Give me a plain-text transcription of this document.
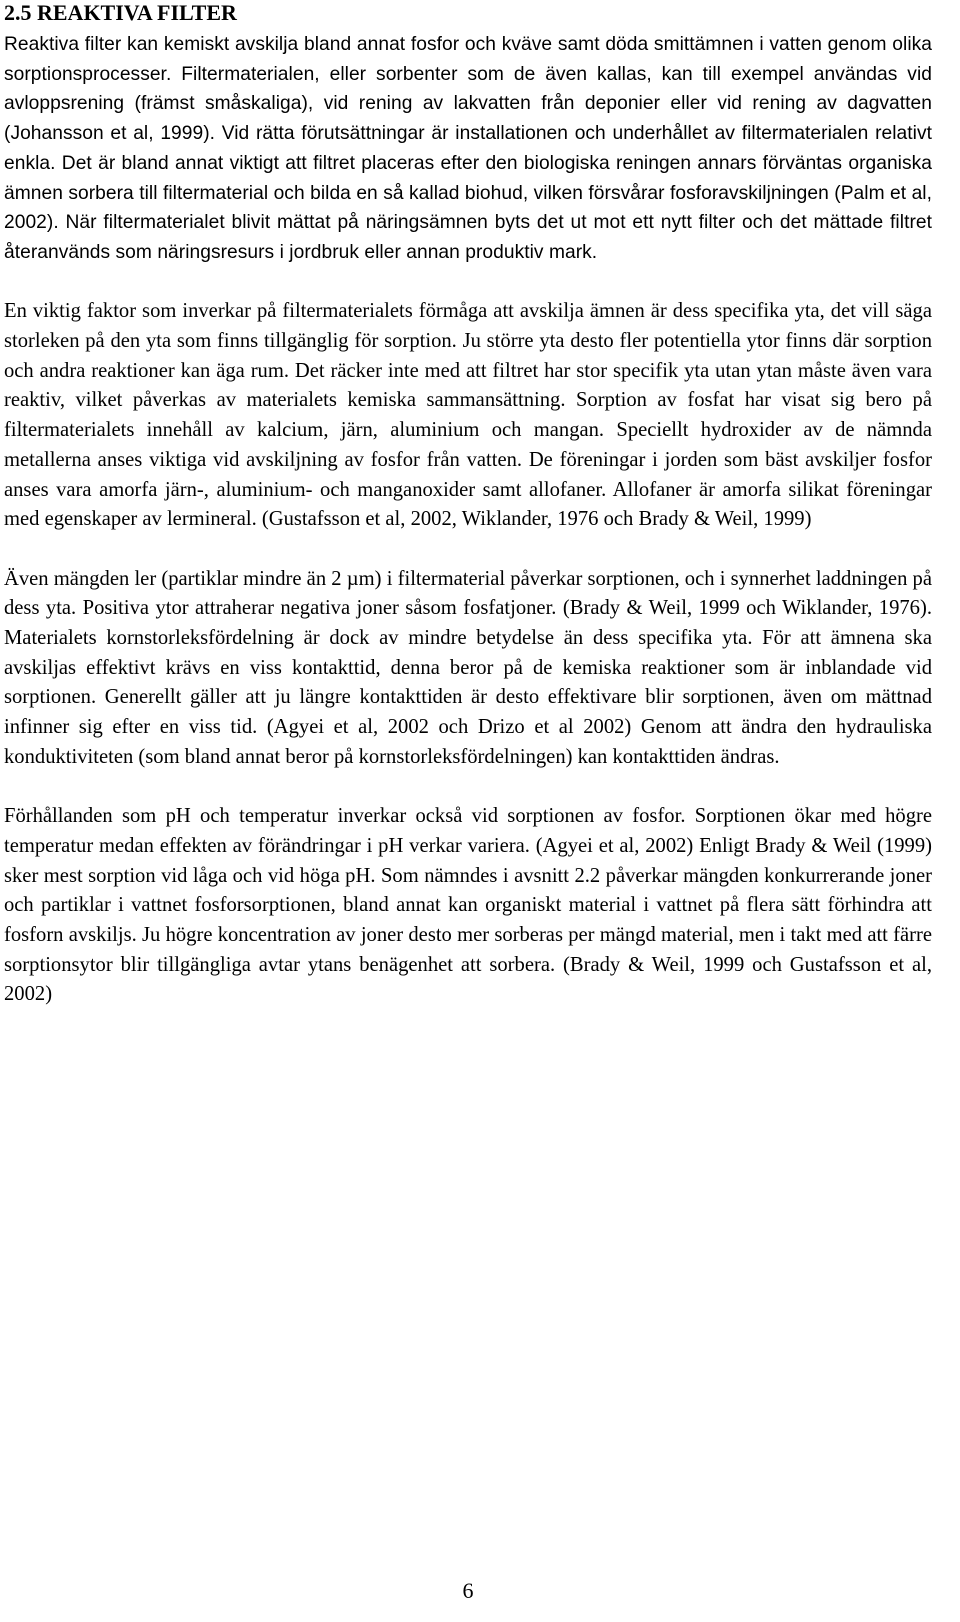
2.5 REAKTIVA FILTER

Reaktiva filter kan kemiskt avskilja bland annat fosfor och kväve samt döda smittämnen i vatten genom olika sorptionsprocesser. Filtermaterialen, eller sorbenter som de även kallas, kan till exempel användas vid avloppsrening (främst småskaliga), vid rening av lakvatten från deponier eller vid rening av dagvatten (Johansson et al, 1999). Vid rätta förutsättningar är installationen och underhållet av filtermaterialen relativt enkla. Det är bland annat viktigt att filtret placeras efter den biologiska reningen annars förväntas organiska ämnen sorbera till filtermaterial och bilda en så kallad biohud, vilken försvårar fosforavskiljningen (Palm et al, 2002). När filtermaterialet blivit mättat på näringsämnen byts det ut mot ett nytt filter och det mättade filtret återanvänds som näringsresurs i jordbruk eller annan produktiv mark.

En viktig faktor som inverkar på filtermaterialets förmåga att avskilja ämnen är dess specifika yta, det vill säga storleken på den yta som finns tillgänglig för sorption. Ju större yta desto fler potentiella ytor finns där sorption och andra reaktioner kan äga rum. Det räcker inte med att filtret har stor specifik yta utan ytan måste även vara reaktiv, vilket påverkas av materialets kemiska sammansättning. Sorption av fosfat har visat sig bero på filtermaterialets innehåll av kalcium, järn, aluminium och mangan. Speciellt hydroxider av de nämnda metallerna anses viktiga vid avskiljning av fosfor från vatten. De föreningar i jorden som bäst avskiljer fosfor anses vara amorfa järn-, aluminium- och manganoxider samt allofaner. Allofaner är amorfa silikat föreningar med egenskaper av lermineral. (Gustafsson et al, 2002, Wiklander, 1976 och Brady & Weil, 1999)

Även mängden ler (partiklar mindre än 2 µm) i filtermaterial påverkar sorptionen, och i synnerhet laddningen på dess yta. Positiva ytor attraherar negativa joner såsom fosfatjoner. (Brady & Weil, 1999 och Wiklander, 1976). Materialets kornstorleksfördelning är dock av mindre betydelse än dess specifika yta. För att ämnena ska avskiljas effektivt krävs en viss kontakttid, denna beror på de kemiska reaktioner som är inblandade vid sorptionen. Generellt gäller att ju längre kontakttiden är desto effektivare blir sorptionen, även om mättnad infinner sig efter en viss tid. (Agyei et al, 2002 och Drizo et al 2002) Genom att ändra den hydrauliska konduktiviteten (som bland annat beror på kornstorleksfördelningen) kan kontakttiden ändras.

Förhållanden som pH och temperatur inverkar också vid sorptionen av fosfor. Sorptionen ökar med högre temperatur medan effekten av förändringar i pH verkar variera. (Agyei et al, 2002) Enligt Brady & Weil (1999) sker mest sorption vid låga och vid höga pH. Som nämndes i avsnitt 2.2 påverkar mängden konkurrerande joner och partiklar i vattnet fosforsorptionen, bland annat kan organiskt material i vattnet på flera sätt förhindra att fosforn avskiljs. Ju högre koncentration av joner desto mer sorberas per mängd material, men i takt med att färre sorptionsytor blir tillgängliga avtar ytans benägenhet att sorbera. (Brady & Weil, 1999 och Gustafsson et al, 2002)

6
